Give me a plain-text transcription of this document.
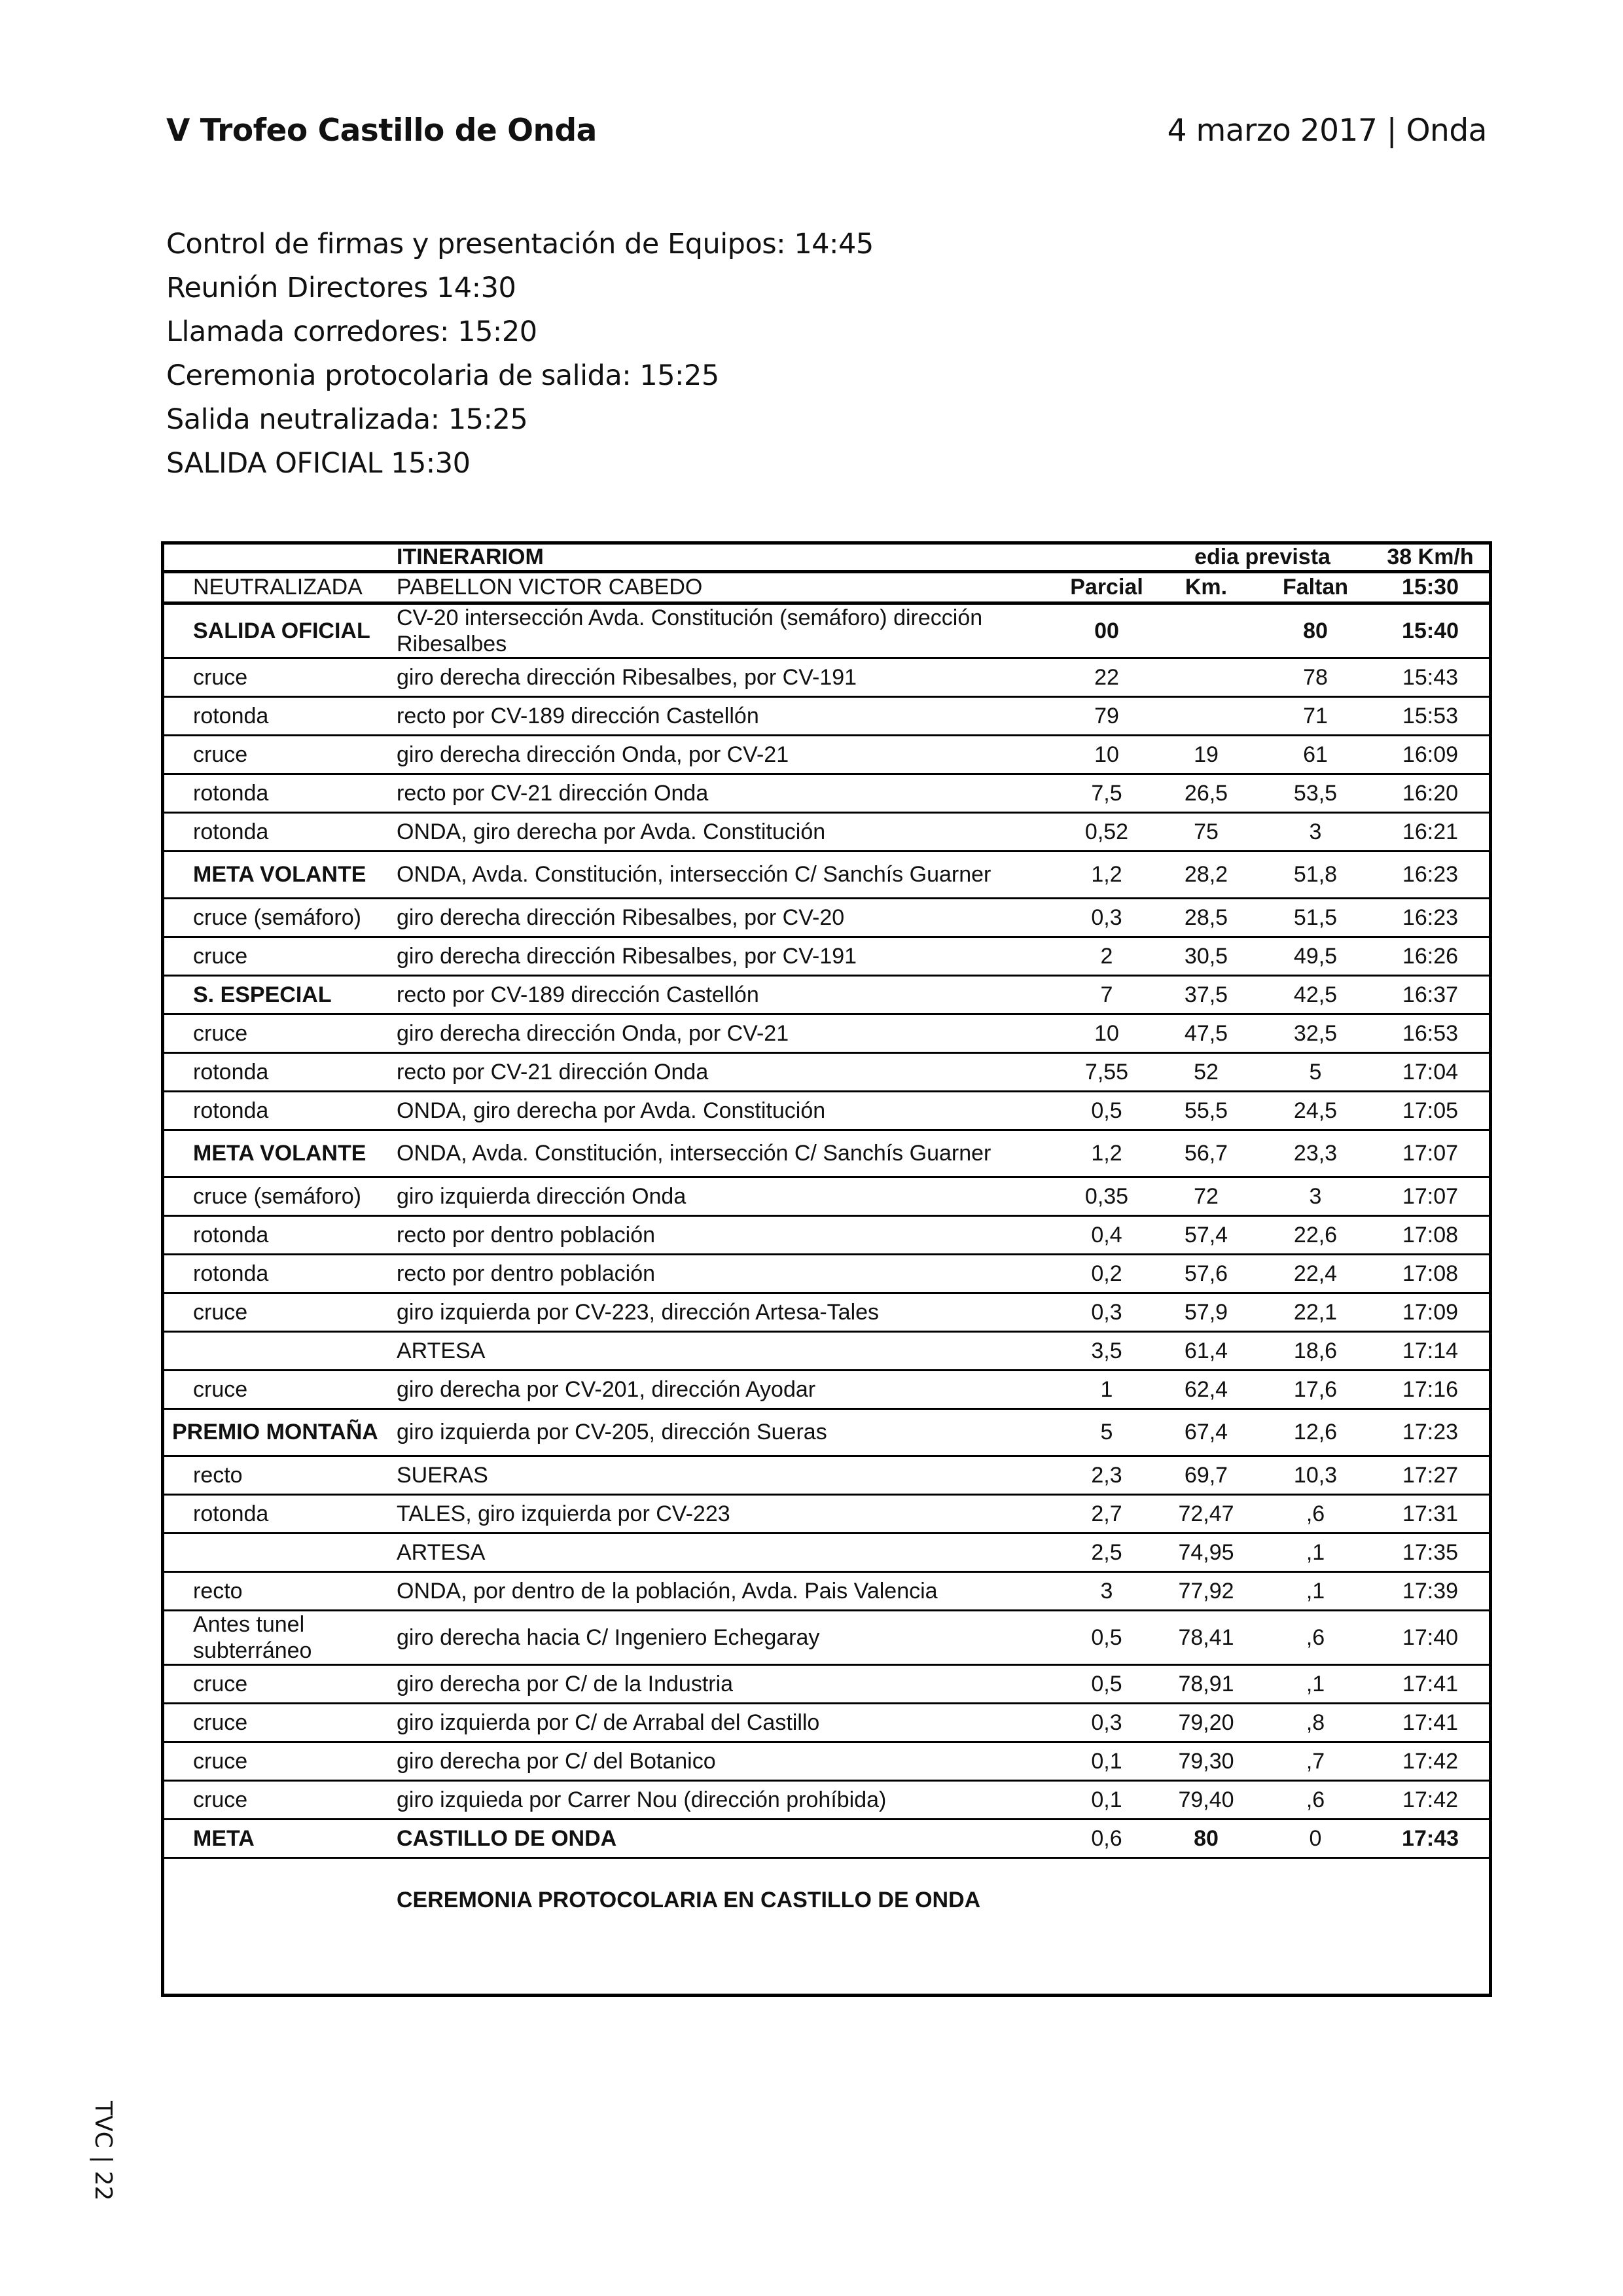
V Trofeo Castillo de Onda	4 marzo 2017 | Onda
Control de firmas y presentación de Equipos: 14:45
Reunión Directores 14:30
Llamada corredores: 15:20
Ceremonia protocolaria de salida: 15:25
Salida neutralizada: 15:25
SALIDA OFICIAL 15:30
	ITINERARIOM		edia prevista		38 Km/h
NEUTRALIZADA	PABELLON VICTOR CABEDO	Parcial	Km.	Faltan	15:30
SALIDA OFICIAL	CV-20 intersección Avda. Constitución (semáforo) dirección Ribesalbes	00		80	15:40
cruce	giro derecha dirección Ribesalbes, por CV-191	22		78	15:43
rotonda	recto por CV-189 dirección Castellón	79		71	15:53
cruce	giro derecha dirección Onda, por CV-21	10	19	61	16:09
rotonda	recto por CV-21 dirección Onda	7,5	26,5	53,5	16:20
rotonda	ONDA, giro derecha por Avda. Constitución	0,52	75	3	16:21
META VOLANTE	ONDA, Avda. Constitución, intersección C/ Sanchís Guarner	1,2	28,2	51,8	16:23
cruce (semáforo)	giro derecha dirección Ribesalbes, por CV-20	0,3	28,5	51,5	16:23
cruce	giro derecha dirección Ribesalbes, por CV-191	2	30,5	49,5	16:26
S. ESPECIAL	recto por CV-189 dirección Castellón	7	37,5	42,5	16:37
cruce	giro derecha dirección Onda, por CV-21	10	47,5	32,5	16:53
rotonda	recto por CV-21 dirección Onda	7,55	52	5	17:04
rotonda	ONDA, giro derecha por Avda. Constitución	0,5	55,5	24,5	17:05
META VOLANTE	ONDA, Avda. Constitución, intersección C/ Sanchís Guarner	1,2	56,7	23,3	17:07
cruce (semáforo)	giro izquierda dirección Onda	0,35	72	3	17:07
rotonda	recto por dentro población	0,4	57,4	22,6	17:08
rotonda	recto por dentro población	0,2	57,6	22,4	17:08
cruce	giro izquierda por CV-223, dirección Artesa-Tales	0,3	57,9	22,1	17:09
	ARTESA	3,5	61,4	18,6	17:14
cruce	giro derecha por CV-201, dirección Ayodar	1	62,4	17,6	17:16
PREMIO MONTAÑA	giro izquierda por CV-205, dirección Sueras	5	67,4	12,6	17:23
recto	SUERAS	2,3	69,7	10,3	17:27
rotonda	TALES, giro izquierda por CV-223	2,7	72,47	,6	17:31
	ARTESA	2,5	74,95	,1	17:35
recto	ONDA, por dentro de la población, Avda. Pais Valencia	3	77,92	,1	17:39
Antes tunel subterráneo	giro derecha hacia C/ Ingeniero Echegaray	0,5	78,41	,6	17:40
cruce	giro derecha por C/ de la Industria	0,5	78,91	,1	17:41
cruce	giro izquierda por C/ de Arrabal del Castillo	0,3	79,20	,8	17:41
cruce	giro derecha por C/ del Botanico	0,1	79,30	,7	17:42
cruce	giro izquieda por Carrer Nou (dirección prohíbida)	0,1	79,40	,6	17:42
META	CASTILLO DE ONDA	0,6	80	0	17:43
	CEREMONIA PROTOCOLARIA EN CASTILLO DE ONDA				
TVC | 22
